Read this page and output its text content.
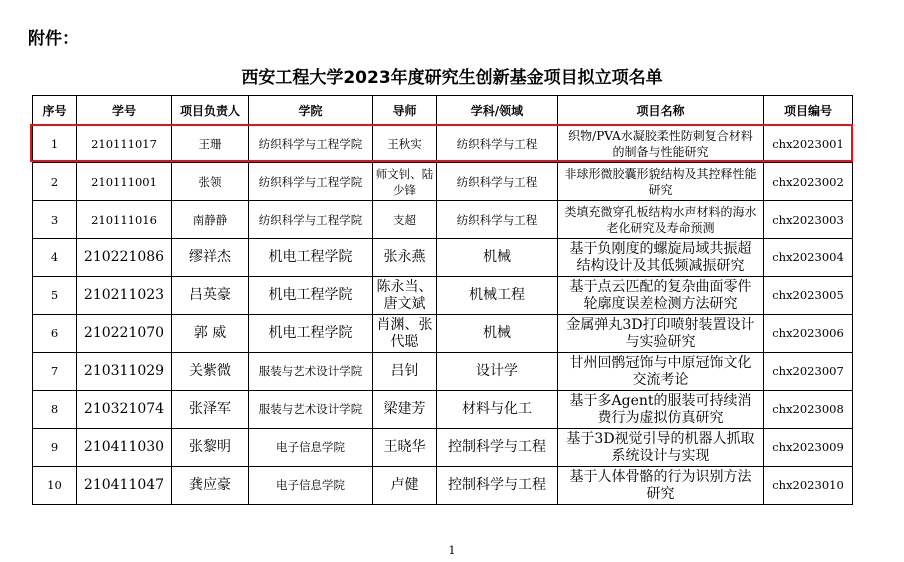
附件：
西安工程大学2023年度研究生创新基金项目拟立项名单
序号	学号	项目负责人	学院	导师	学科/领域	项目名称	项目编号
1	210111017	王珊	纺织科学与工程学院	王秋实	纺织科学与工程	织物/PVA水凝胶柔性防刺复合材料的制备与性能研究	chx2023001
2	210111001	张领	纺织科学与工程学院	师文钊、陆少锋	纺织科学与工程	非球形微胶囊形貌结构及其控释性能研究	chx2023002
3	210111016	南静静	纺织科学与工程学院	支超	纺织科学与工程	类填充微穿孔板结构水声材料的海水老化研究及寿命预测	chx2023003
4	210221086	缪祥杰	机电工程学院	张永燕	机械	基于负刚度的螺旋局域共振超结构设计及其低频减振研究	chx2023004
5	210211023	吕英豪	机电工程学院	陈永当、唐文斌	机械工程	基于点云匹配的复杂曲面零件轮廓度误差检测方法研究	chx2023005
6	210221070	郭 威	机电工程学院	肖渊、张代聪	机械	金属弹丸3D打印喷射装置设计与实验研究	chx2023006
7	210311029	关紫微	服装与艺术设计学院	吕钊	设计学	甘州回鹘冠饰与中原冠饰文化交流考论	chx2023007
8	210321074	张泽军	服装与艺术设计学院	梁建芳	材料与化工	基于多Agent的服装可持续消费行为虚拟仿真研究	chx2023008
9	210411030	张黎明	电子信息学院	王晓华	控制科学与工程	基于3D视觉引导的机器人抓取系统设计与实现	chx2023009
10	210411047	龚应豪	电子信息学院	卢健	控制科学与工程	基于人体骨骼的行为识别方法研究	chx2023010
1
